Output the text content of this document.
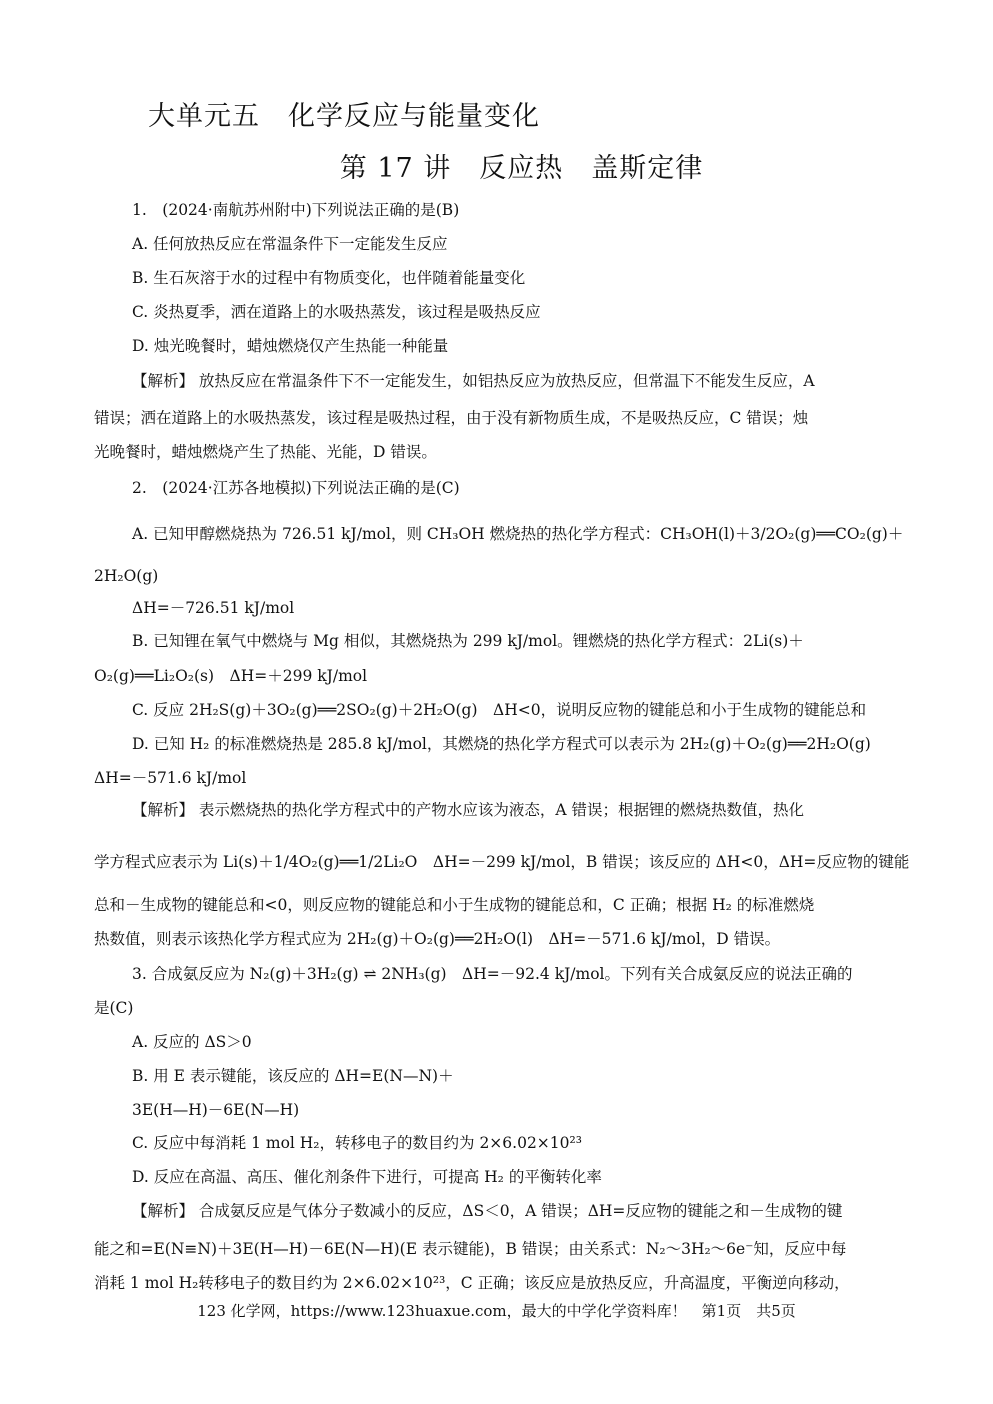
大单元五　化学反应与能量变化
第 17 讲　反应热　盖斯定律
1.　(2024·南航苏州附中)下列说法正确的是(B)
A. 任何放热反应在常温条件下一定能发生反应
B. 生石灰溶于水的过程中有物质变化，也伴随着能量变化
C. 炎热夏季，洒在道路上的水吸热蒸发，该过程是吸热反应
D. 烛光晚餐时，蜡烛燃烧仅产生热能一种能量
【解析】 放热反应在常温条件下不一定能发生，如铝热反应为放热反应，但常温下不能发生反应，A
错误；洒在道路上的水吸热蒸发，该过程是吸热过程，由于没有新物质生成，不是吸热反应，C 错误；烛
光晚餐时，蜡烛燃烧产生了热能、光能，D 错误。
2.　(2024·江苏各地模拟)下列说法正确的是(C)
A. 已知甲醇燃烧热为 726.51 kJ/mol，则 CH₃OH 燃烧热的热化学方程式：CH₃OH(l)＋3/2O₂(g)══CO₂(g)＋
2H₂O(g)
ΔH=－726.51 kJ/mol
B. 已知锂在氧气中燃烧与 Mg 相似，其燃烧热为 299 kJ/mol。锂燃烧的热化学方程式：2Li(s)＋
O₂(g)══Li₂O₂(s)　ΔH=＋299 kJ/mol
C. 反应 2H₂S(g)＋3O₂(g)══2SO₂(g)＋2H₂O(g)　ΔH<0，说明反应物的键能总和小于生成物的键能总和
D. 已知 H₂ 的标准燃烧热是 285.8 kJ/mol，其燃烧的热化学方程式可以表示为 2H₂(g)＋O₂(g)══2H₂O(g)
ΔH=－571.6 kJ/mol
【解析】 表示燃烧热的热化学方程式中的产物水应该为液态，A 错误；根据锂的燃烧热数值，热化
学方程式应表示为 Li(s)＋1/4O₂(g)══1/2Li₂O　ΔH=－299 kJ/mol，B 错误；该反应的 ΔH<0，ΔH=反应物的键能
总和－生成物的键能总和<0，则反应物的键能总和小于生成物的键能总和，C 正确；根据 H₂ 的标准燃烧
热数值，则表示该热化学方程式应为 2H₂(g)＋O₂(g)══2H₂O(l)　ΔH=－571.6 kJ/mol，D 错误。
3. 合成氨反应为 N₂(g)＋3H₂(g) ⇌ 2NH₃(g)　ΔH=－92.4 kJ/mol。下列有关合成氨反应的说法正确的
是(C)
A. 反应的 ΔS＞0
B. 用 E 表示键能，该反应的 ΔH=E(N—N)＋
3E(H—H)－6E(N—H)
C. 反应中每消耗 1 mol H₂，转移电子的数目约为 2×6.02×10²³
D. 反应在高温、高压、催化剂条件下进行，可提高 H₂ 的平衡转化率
【解析】 合成氨反应是气体分子数减小的反应，ΔS＜0，A 错误；ΔH=反应物的键能之和－生成物的键
能之和=E(N≡N)＋3E(H—H)－6E(N—H)(E 表示键能)，B 错误；由关系式：N₂～3H₂～6e⁻知，反应中每
消耗 1 mol H₂转移电子的数目约为 2×6.02×10²³，C 正确；该反应是放热反应，升高温度，平衡逆向移动，
123 化学网，https://www.123huaxue.com，最大的中学化学资料库！　第1页　共5页
